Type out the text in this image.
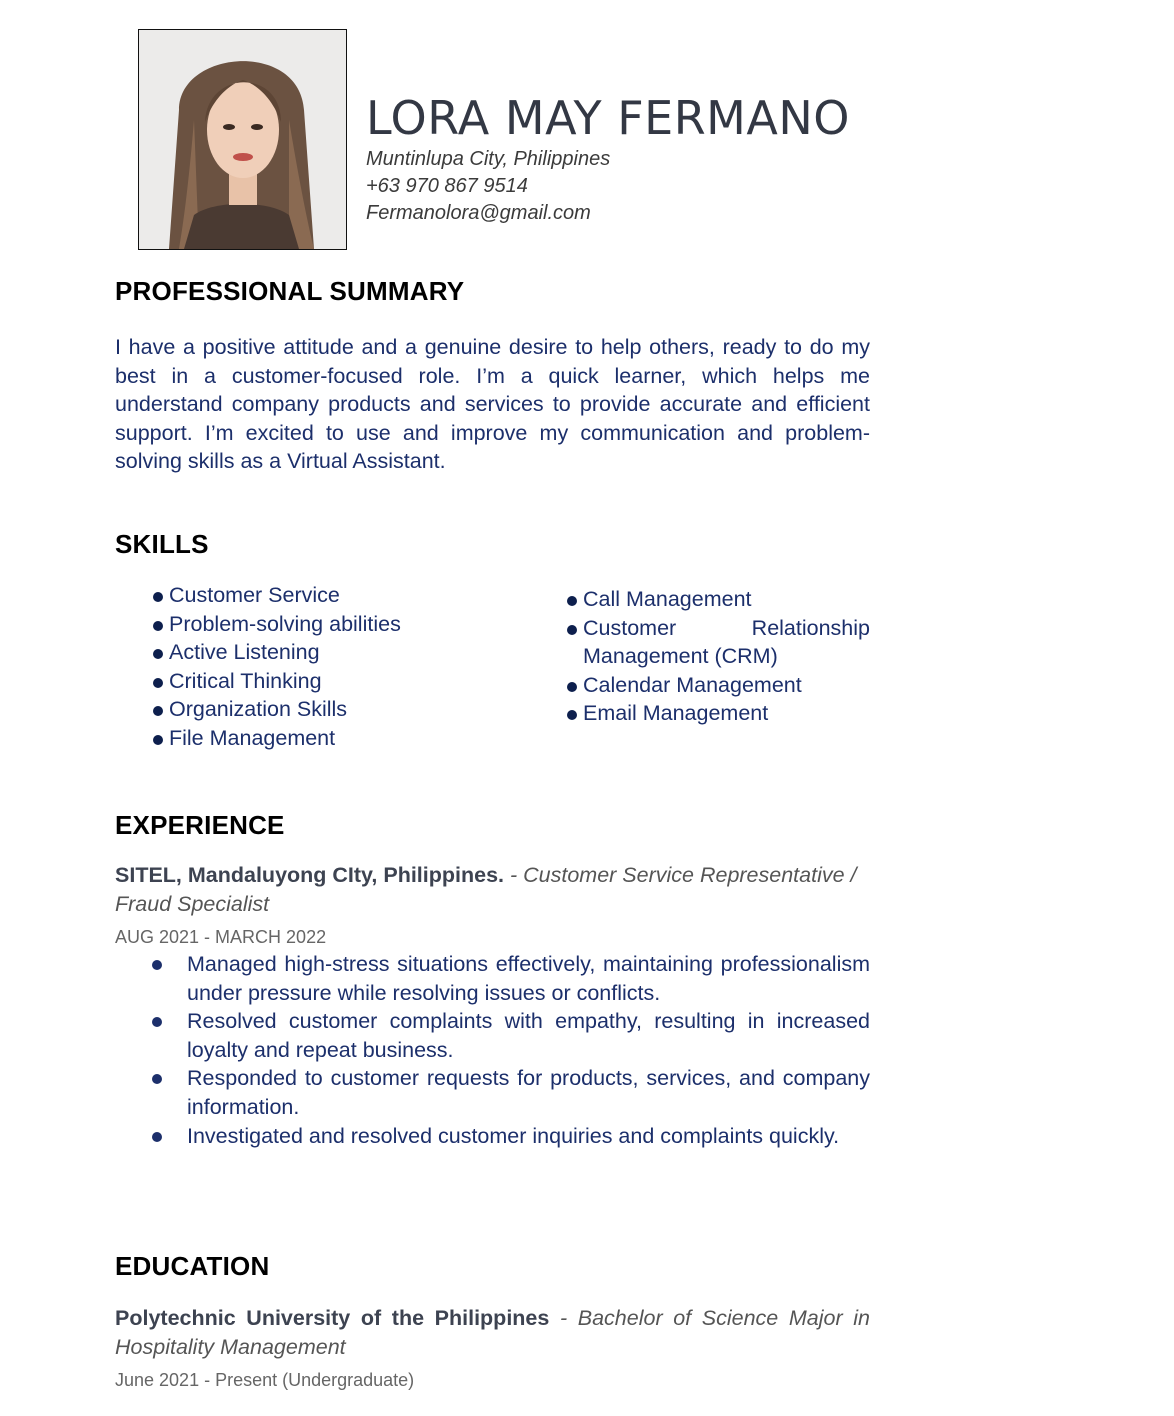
LORA MAY FERMANO
Muntinlupa City, Philippines
+63 970 867 9514
Fermanolora@gmail.com
PROFESSIONAL SUMMARY

I have a positive attitude and a genuine desire to help others, ready to do my best in a customer-focused role. I’m a quick learner, which helps me understand company products and services to provide accurate and efficient support. I’m excited to use and improve my communication and problem-solving skills as a Virtual Assistant.

SKILLS
Customer Service
Problem-solving abilities
Active Listening
Critical Thinking
Organization Skills
File Management
Call Management
Customer Relationship
Management (CRM)
Calendar Management
Email Management
EXPERIENCE
SITEL, Mandaluyong CIty, Philippines. - Customer Service Representative / Fraud Specialist
AUG 2021 - MARCH 2022
Managed high-stress situations effectively, maintaining professionalism under pressure while resolving issues or conflicts.
Resolved customer complaints with empathy, resulting in increased loyalty and repeat business.
Responded to customer requests for products, services, and company information.
Investigated and resolved customer inquiries and complaints quickly.
EDUCATION
Polytechnic University of the Philippines - Bachelor of Science Major in Hospitality Management
June 2021 - Present (Undergraduate)
